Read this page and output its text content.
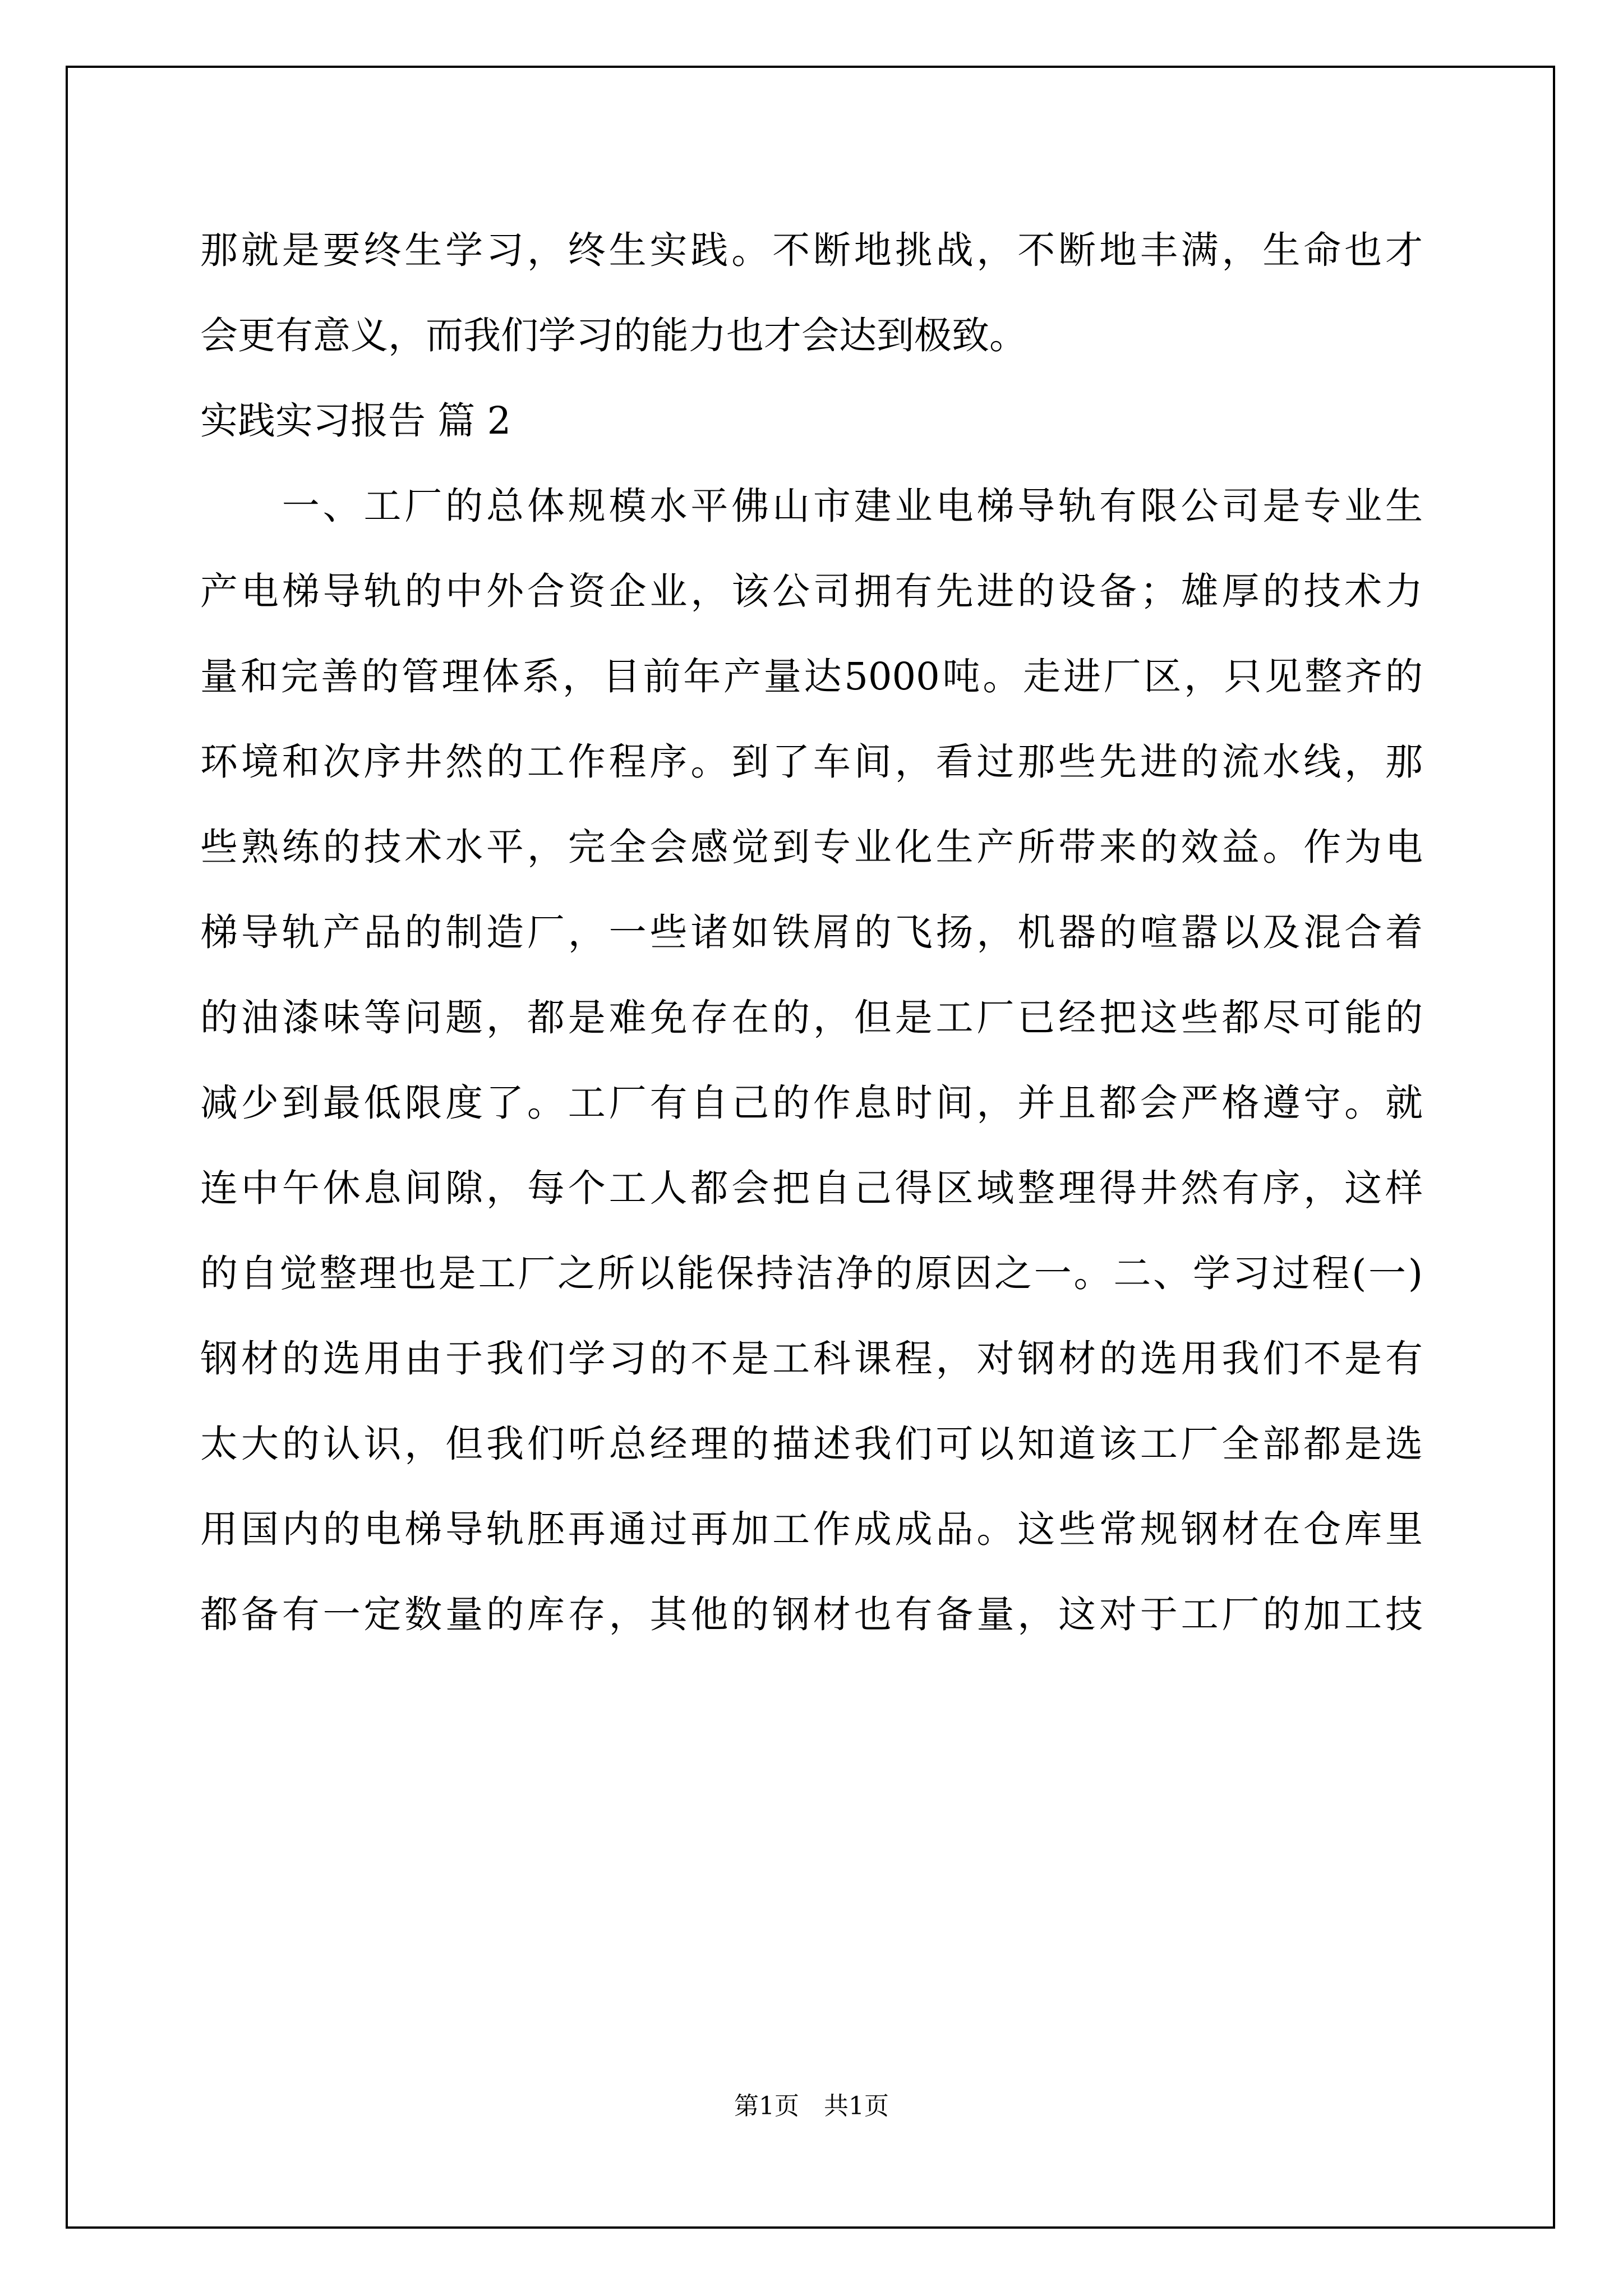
那就是要终生学习，终生实践。不断地挑战，不断地丰满，生命也才
会更有意义，而我们学习的能力也才会达到极致。
实践实习报告 篇 2
　　一、工厂的总体规模水平佛山市建业电梯导轨有限公司是专业生
产电梯导轨的中外合资企业，该公司拥有先进的设备；雄厚的技术力
量和完善的管理体系，目前年产量达5000吨。走进厂区，只见整齐的
环境和次序井然的工作程序。到了车间，看过那些先进的流水线，那
些熟练的技术水平，完全会感觉到专业化生产所带来的效益。作为电
梯导轨产品的制造厂，一些诸如铁屑的飞扬，机器的喧嚣以及混合着
的油漆味等问题，都是难免存在的，但是工厂已经把这些都尽可能的
减少到最低限度了。工厂有自己的作息时间，并且都会严格遵守。就
连中午休息间隙，每个工人都会把自己得区域整理得井然有序，这样
的自觉整理也是工厂之所以能保持洁净的原因之一。二、学习过程(一)
钢材的选用由于我们学习的不是工科课程，对钢材的选用我们不是有
太大的认识，但我们听总经理的描述我们可以知道该工厂全部都是选
用国内的电梯导轨胚再通过再加工作成成品。这些常规钢材在仓库里
都备有一定数量的库存，其他的钢材也有备量，这对于工厂的加工技
第1页　共1页
